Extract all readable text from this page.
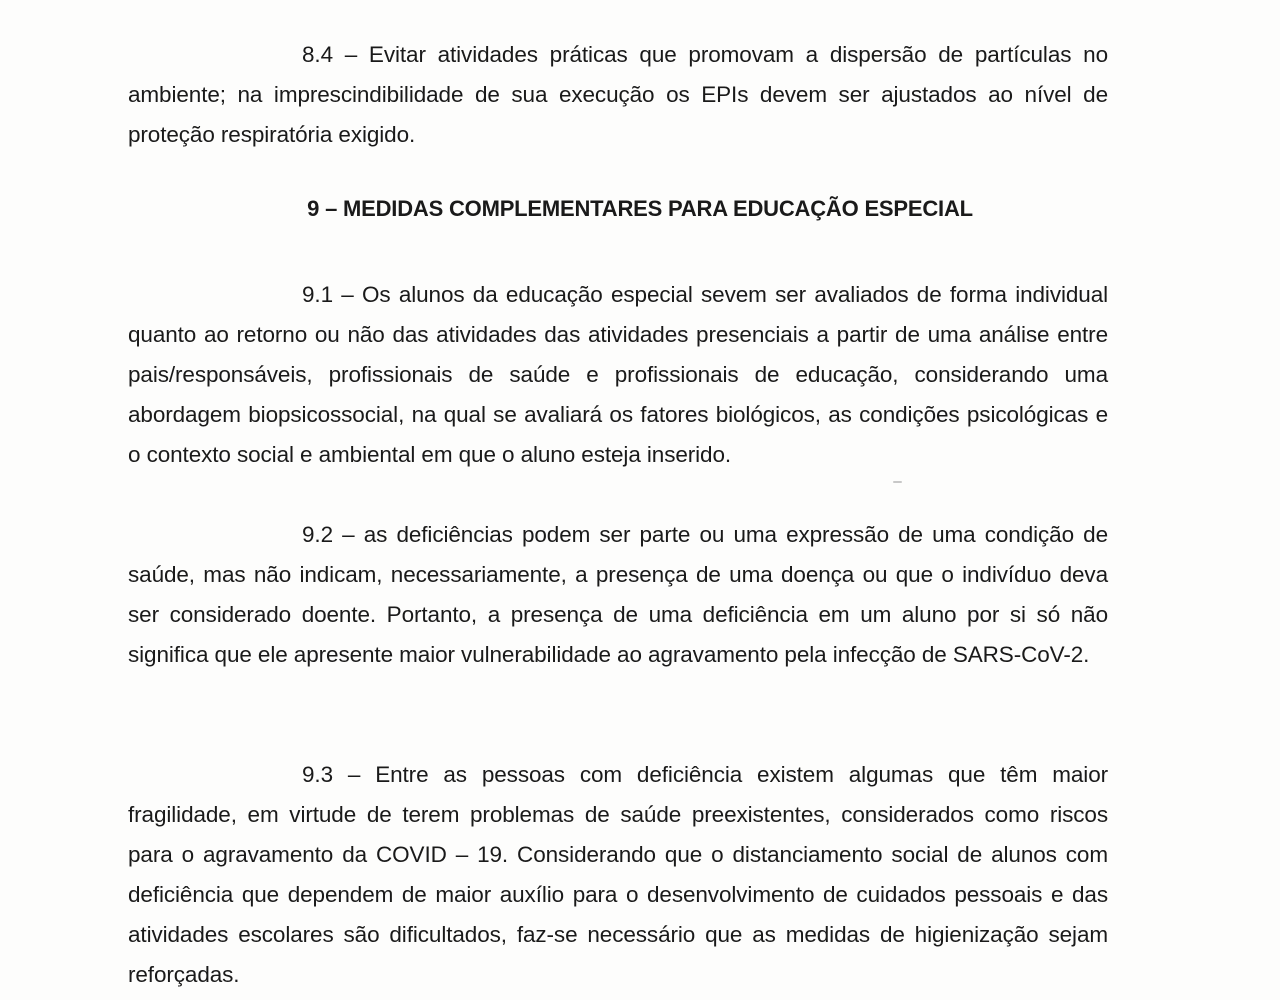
8.4 – Evitar atividades práticas que promovam a dispersão de partículas no ambiente; na imprescindibilidade de sua execução os EPIs devem ser ajustados ao nível de proteção respiratória exigido.

9 – MEDIDAS COMPLEMENTARES PARA EDUCAÇÃO ESPECIAL

9.1 – Os alunos da educação especial sevem ser avaliados de forma individual quanto ao retorno ou não das atividades das atividades presenciais a partir de uma análise entre pais/responsáveis, profissionais de saúde e profissionais de educação, considerando uma abordagem biopsicossocial, na qual se avaliará os fatores biológicos, as condições psicológicas e o contexto social e ambiental em que o aluno esteja inserido.

9.2 – as deficiências podem ser parte ou uma expressão de uma condição de saúde, mas não indicam, necessariamente, a presença de uma doença ou que o indivíduo deva ser considerado doente. Portanto, a presença de uma deficiência em um aluno por si só não significa que ele apresente maior vulnerabilidade ao agravamento pela infecção de SARS-CoV-2.

9.3 – Entre as pessoas com deficiência existem algumas que têm maior fragilidade, em virtude de terem problemas de saúde preexistentes, considerados como riscos para o agravamento da COVID – 19. Considerando que o distanciamento social de alunos com deficiência que dependem de maior auxílio para o desenvolvimento de cuidados pessoais e das atividades escolares são dificultados, faz-se necessário que as medidas de higienização sejam reforçadas.
